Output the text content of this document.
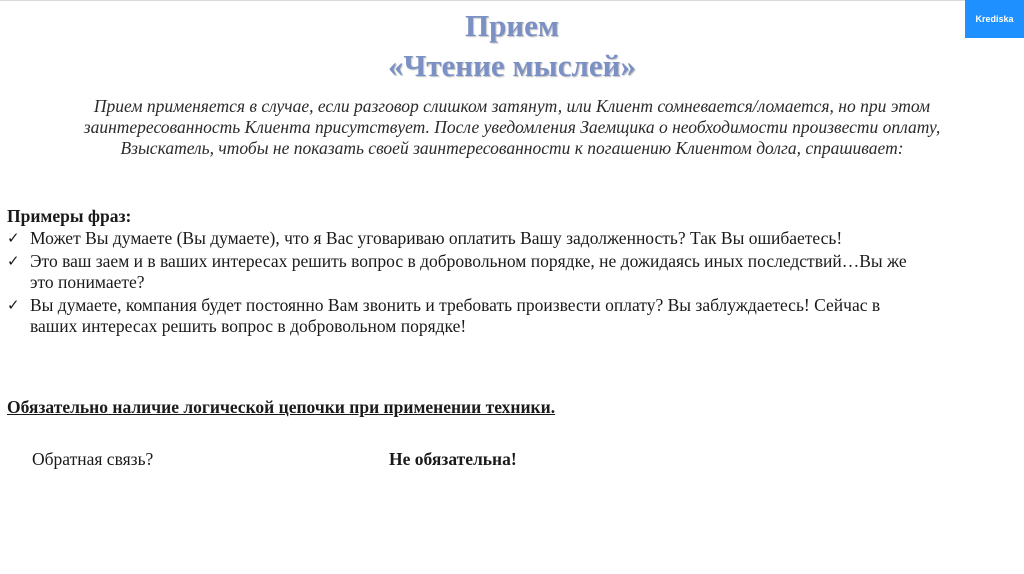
Прием
«Чтение мыслей»
Krediska
Прием применяется в случае, если разговор слишком затянут, или Клиент сомневается/ломается, но при этом
заинтересованность Клиента присутствует. После уведомления Заемщика о необходимости произвести оплату,
Взыскатель, чтобы не показать своей заинтересованности к погашению Клиентом долга, спрашивает:
Примеры фраз:
✓ Может Вы думаете (Вы думаете), что я Вас уговариваю оплатить Вашу задолженность? Так Вы ошибаетесь!
✓ Это ваш заем и в ваших интересах решить вопрос в добровольном порядке, не дожидаясь иных последствий…Вы же
это понимаете?
✓ Вы думаете, компания будет постоянно Вам звонить и требовать произвести оплату? Вы заблуждаетесь! Сейчас в
ваших интересах решить вопрос в добровольном порядке!
Обязательно наличие логической цепочки при применении техники.
Обратная связь?	Не обязательна!
